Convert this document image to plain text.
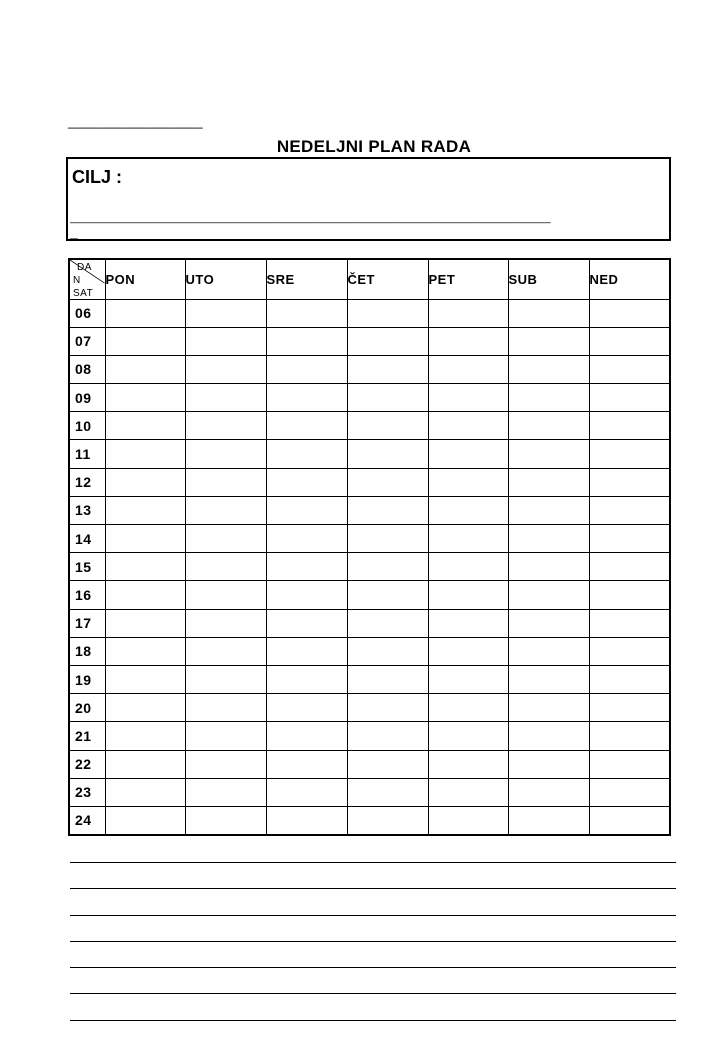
___________
NEDELJNI PLAN RADA
CILJ :
________________________________________________
_
DA
N
SAT	PON	UTO	SRE	ČET	PET	SUB	NED
06							
07							
08							
09							
10							
11							
12							
13							
14							
15							
16							
17							
18							
19							
20							
21							
22							
23							
24							
